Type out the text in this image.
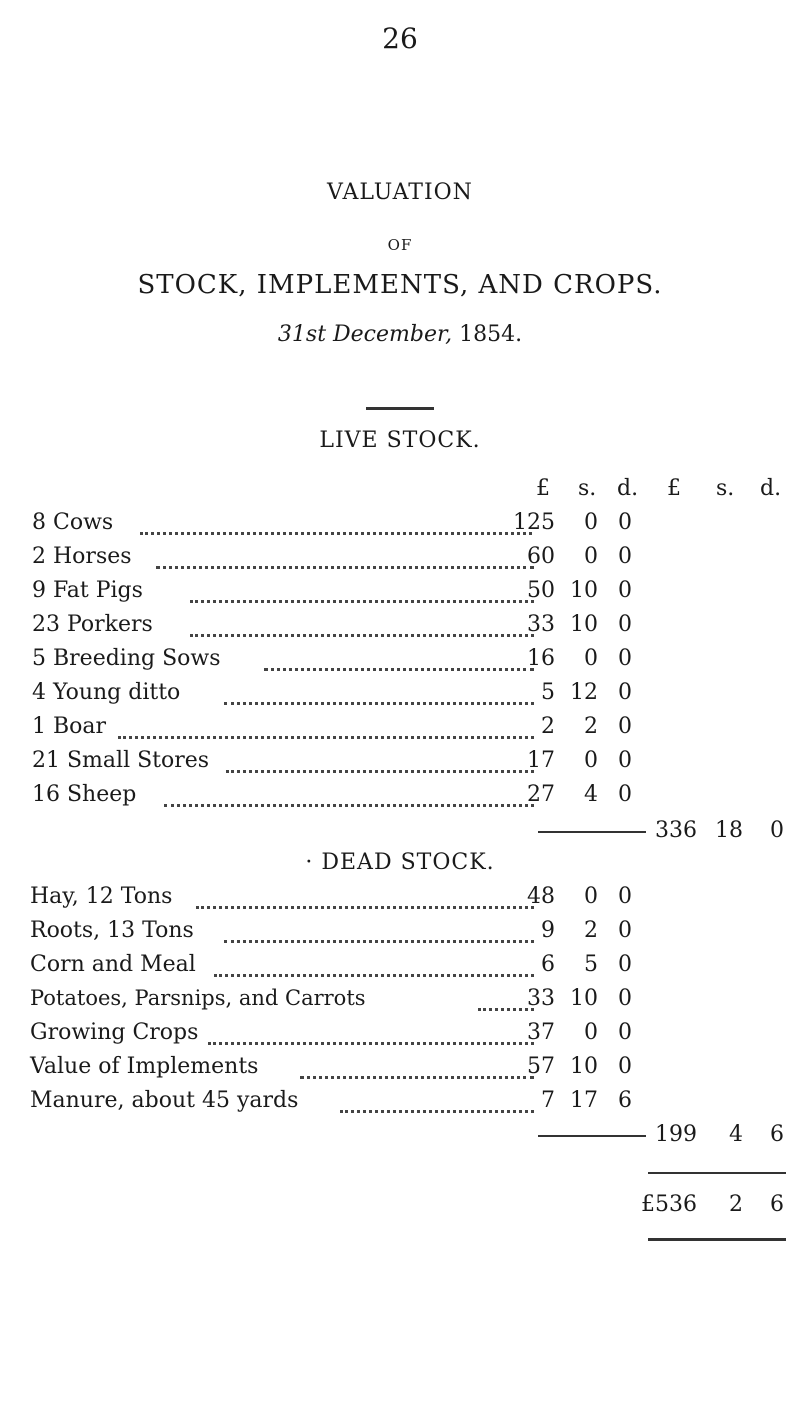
26
VALUATION
OF
STOCK, IMPLEMENTS, AND CROPS.
31st December, 1854.
LIVE STOCK.
£ s. d. £ s. d.
8 Cows	125 0 0
2 Horses	60 0 0
9 Fat Pigs	50 10 0
23 Porkers	33 10 0
5 Breeding Sows	16 0 0
4 Young ditto	5 12 0
1 Boar	2 2 0
21 Small Stores	17 0 0
16 Sheep	27 4 0
336 18 0
· DEAD STOCK.
Hay, 12 Tons	48 0 0
Roots, 13 Tons	9 2 0
Corn and Meal	6 5 0
Potatoes, Parsnips, and Carrots	33 10 0
Growing Crops	37 0 0
Value of Implements	57 10 0
Manure, about 45 yards	7 17 6
199 4 6
£536 2 6
